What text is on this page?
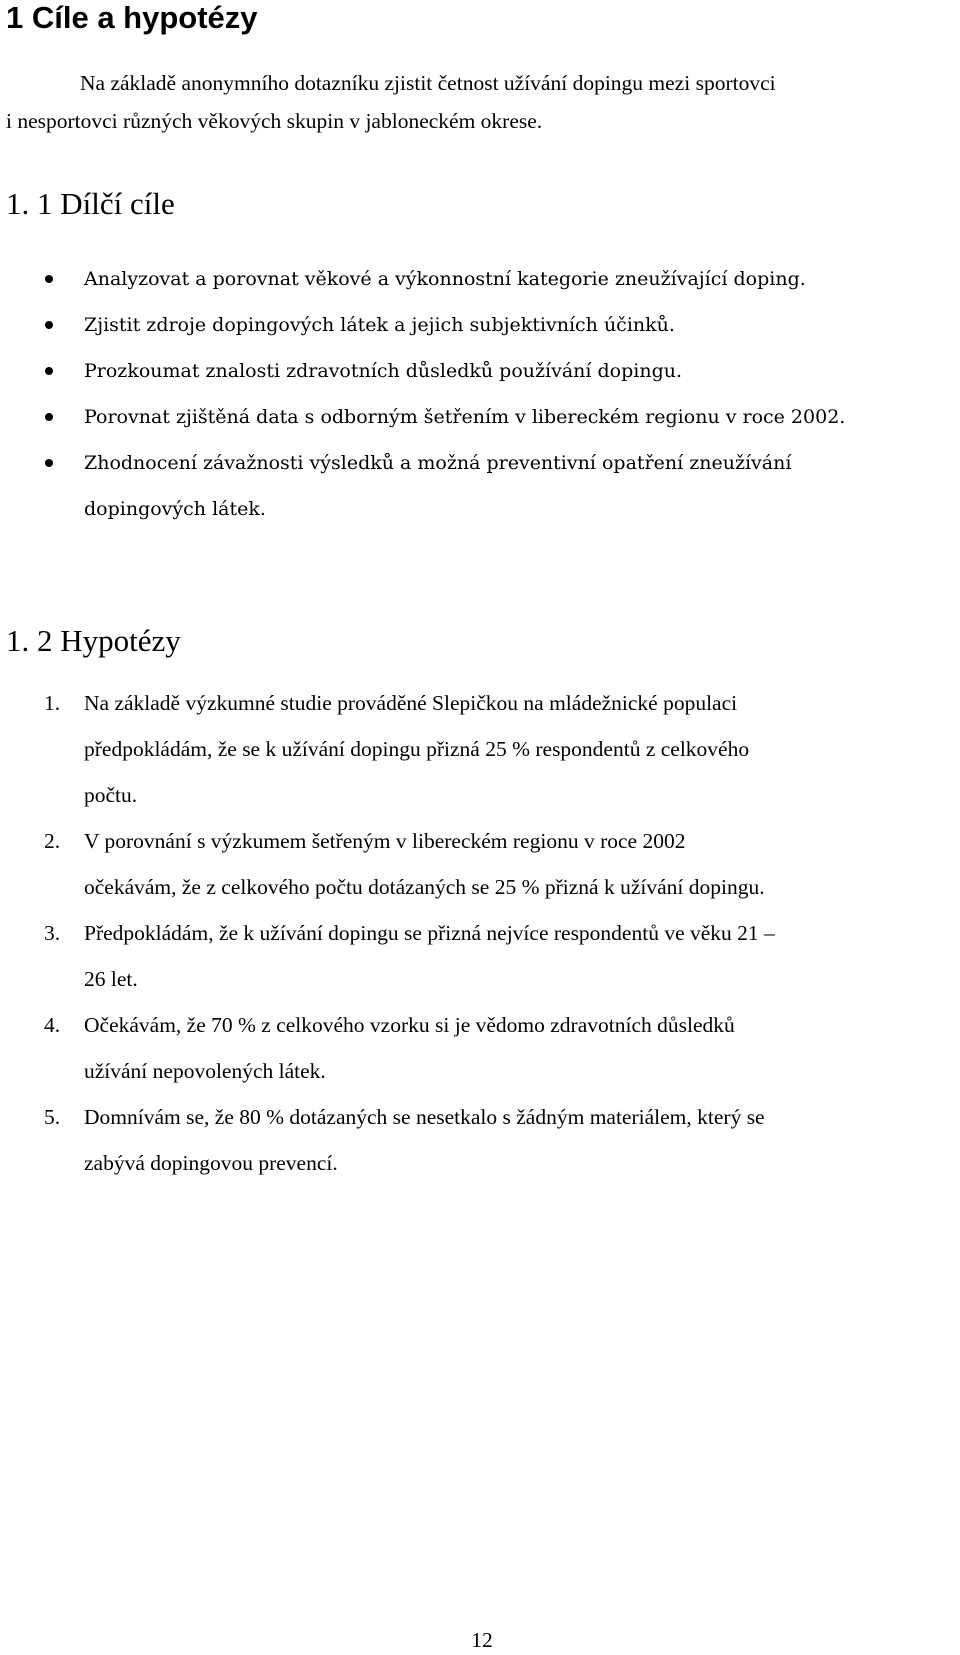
1 Cíle a hypotézy

Na základě anonymního dotazníku zjistit četnost užívání dopingu mezi sportovci
i nesportovci různých věkových skupin v jabloneckém okrese.

1. 1 Dílčí cíle
Analyzovat a porovnat věkové a výkonnostní kategorie zneužívající doping.
Zjistit zdroje dopingových látek a jejich subjektivních účinků.
Prozkoumat znalosti zdravotních důsledků používání dopingu.
Porovnat zjištěná data s odborným šetřením v libereckém regionu v roce 2002.
Zhodnocení závažnosti výsledků a možná preventivní opatření zneužívání
dopingových látek.
1. 2 Hypotézy
1. Na základě výzkumné studie prováděné Slepičkou na mládežnické populaci
předpokládám, že se k užívání dopingu přizná 25 % respondentů z celkového
počtu.
2. V porovnání s výzkumem šetřeným v libereckém regionu v roce 2002
očekávám, že z celkového počtu dotázaných se 25 % přizná k užívání dopingu.
3. Předpokládám, že k užívání dopingu se přizná nejvíce respondentů ve věku 21 –
26 let.
4. Očekávám, že 70 % z celkového vzorku si je vědomo zdravotních důsledků
užívání nepovolených látek.
5. Domnívám se, že 80 % dotázaných se nesetkalo s žádným materiálem, který se
zabývá dopingovou prevencí.
12
